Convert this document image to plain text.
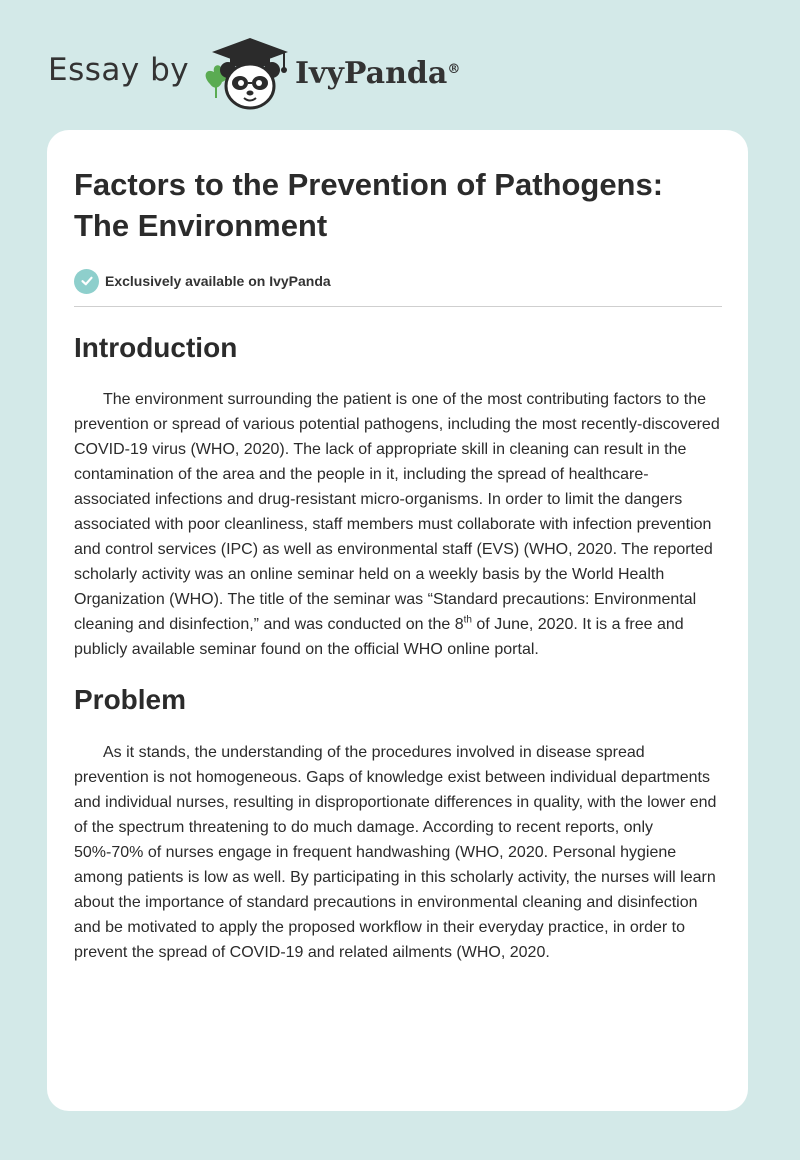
Essay by	IvyPanda®
Factors to the Prevention of Pathogens:
The Environment
Exclusively available on IvyPanda
Introduction

The environment surrounding the patient is one of the most contributing factors to the prevention or spread of various potential pathogens, including the most recently-discovered COVID-19 virus (WHO, 2020). The lack of appropriate skill in cleaning can result in the contamination of the area and the people in it, including the spread of healthcare-associated infections and drug-resistant micro-organisms. In order to limit the dangers associated with poor cleanliness, staff members must collaborate with infection prevention and control services (IPC) as well as environmental staff (EVS) (WHO, 2020. The reported scholarly activity was an online seminar held on a weekly basis by the World Health Organization (WHO). The title of the seminar was “Standard precautions: Environmental cleaning and disinfection,” and was conducted on the 8th of June, 2020. It is a free and publicly available seminar found on the official WHO online portal.

Problem

As it stands, the understanding of the procedures involved in disease spread prevention is not homogeneous. Gaps of knowledge exist between individual departments and individual nurses, resulting in disproportionate differences in quality, with the lower end of the spectrum threatening to do much damage. According to recent reports, only 50%-70% of nurses engage in frequent handwashing (WHO, 2020. Personal hygiene among patients is low as well. By participating in this scholarly activity, the nurses will learn about the importance of standard precautions in environmental cleaning and disinfection and be motivated to apply the proposed workflow in their everyday practice, in order to prevent the spread of COVID-19 and related ailments (WHO, 2020.
